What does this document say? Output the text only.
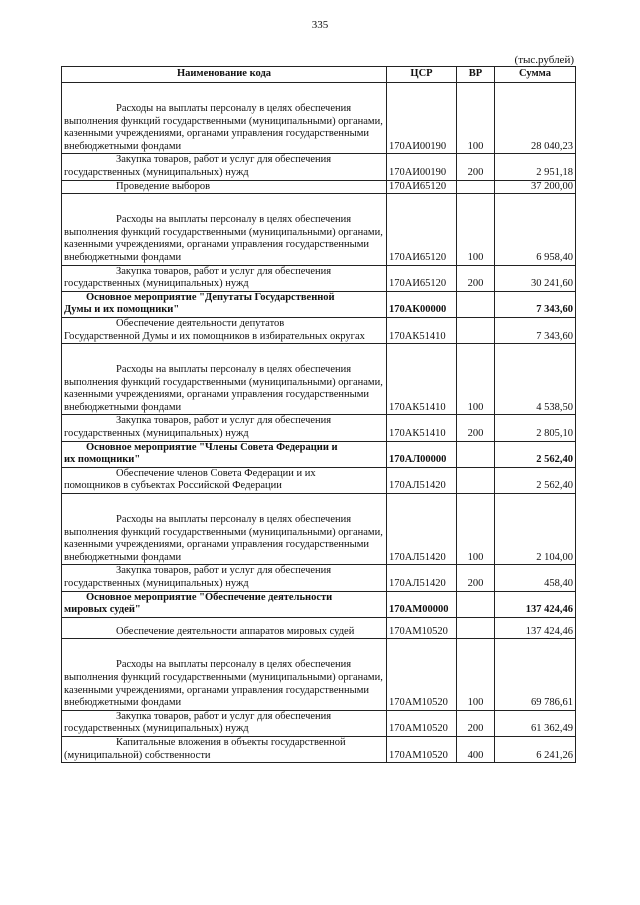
335
(тыс.рублей)
Наименование кода	ЦСР	ВР	Сумма

Расходы на выплаты персоналу в целях обеспечения
выполнения функций государственными (муниципальными) органами, казенными учреждениями, органами управления государственными внебюджетными фондами	170АИ00190	100	28 040,23

Закупка товаров, работ и услуг для обеспечения
государственных (муниципальных) нужд	170АИ00190	200	2 951,18

Проведение выборов	170АИ65120		37 200,00

Расходы на выплаты персоналу в целях обеспечения
выполнения функций государственными (муниципальными) органами, казенными учреждениями, органами управления государственными внебюджетными фондами	170АИ65120	100	6 958,40

Закупка товаров, работ и услуг для обеспечения
государственных (муниципальных) нужд	170АИ65120	200	30 241,60

Основное мероприятие "Депутаты Государственной
Думы и их помощники"	170АК00000		7 343,60

Обеспечение деятельности депутатов
Государственной Думы и их помощников в избирательных округах	170АК51410		7 343,60

Расходы на выплаты персоналу в целях обеспечения
выполнения функций государственными (муниципальными) органами, казенными учреждениями, органами управления государственными внебюджетными фондами	170АК51410	100	4 538,50

Закупка товаров, работ и услуг для обеспечения
государственных (муниципальных) нужд	170АК51410	200	2 805,10

Основное мероприятие "Члены Совета Федерации и
их помощники"	170АЛ00000		2 562,40

Обеспечение членов Совета Федерации и их
помощников в субъектах Российской Федерации	170АЛ51420		2 562,40

Расходы на выплаты персоналу в целях обеспечения
выполнения функций государственными (муниципальными) органами, казенными учреждениями, органами управления государственными внебюджетными фондами	170АЛ51420	100	2 104,00

Закупка товаров, работ и услуг для обеспечения
государственных (муниципальных) нужд	170АЛ51420	200	458,40

Основное мероприятие "Обеспечение деятельности
мировых судей"	170АМ00000		137 424,46

Обеспечение деятельности аппаратов мировых судей	170АМ10520		137 424,46

Расходы на выплаты персоналу в целях обеспечения
выполнения функций государственными (муниципальными) органами, казенными учреждениями, органами управления государственными внебюджетными фондами	170АМ10520	100	69 786,61

Закупка товаров, работ и услуг для обеспечения
государственных (муниципальных) нужд	170АМ10520	200	61 362,49

Капитальные вложения в объекты государственной
(муниципальной) собственности	170АМ10520	400	6 241,26
